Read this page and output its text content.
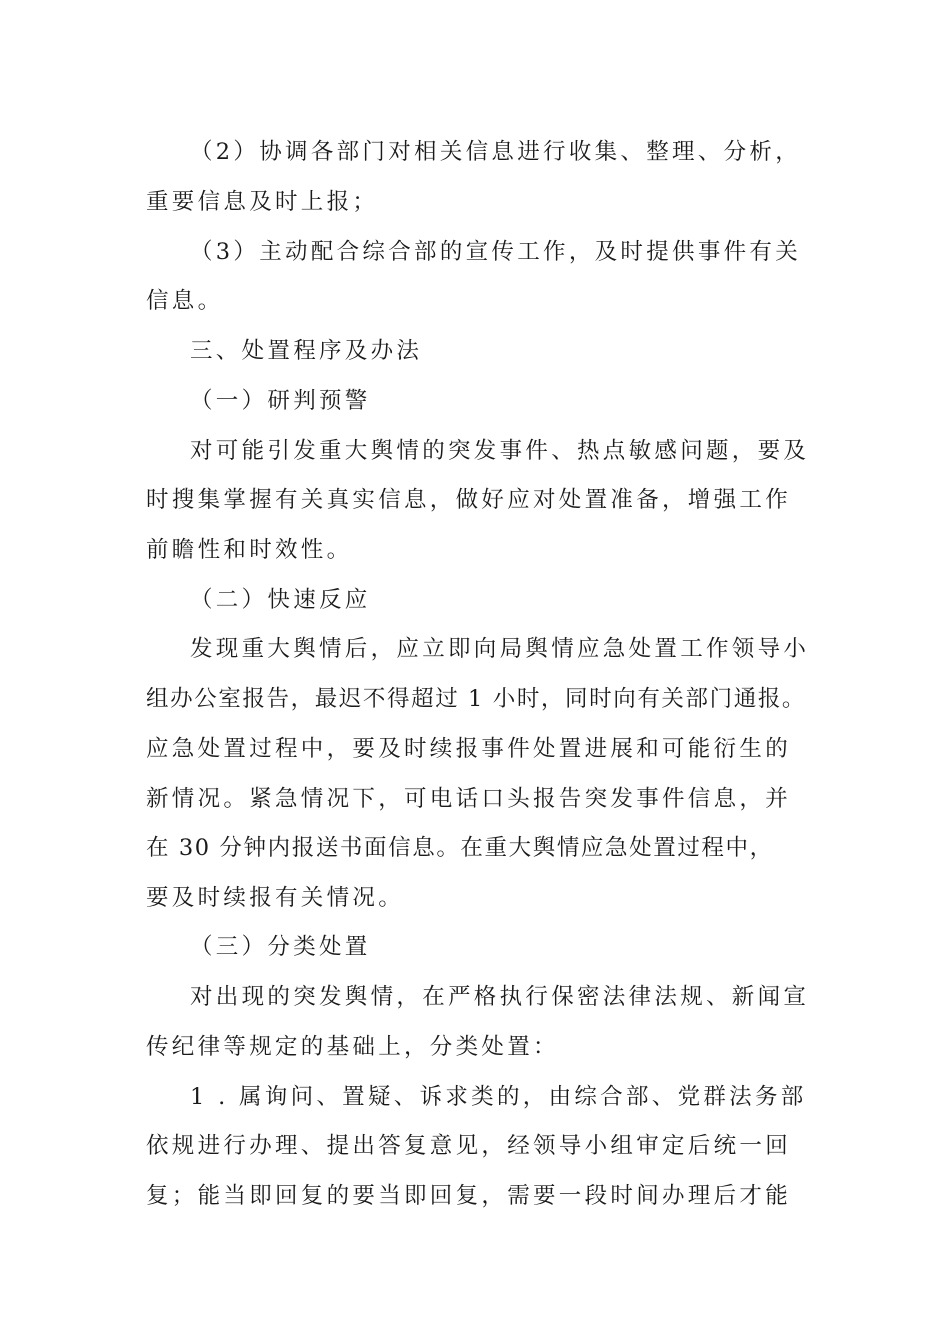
（2）协调各部门对相关信息进行收集、整理、分析，
重要信息及时上报；
（3）主动配合综合部的宣传工作，及时提供事件有关
信息。
三、处置程序及办法
（一）研判预警
对可能引发重大舆情的突发事件、热点敏感问题，要及
时搜集掌握有关真实信息，做好应对处置准备，增强工作
前瞻性和时效性。
（二）快速反应
发现重大舆情后，应立即向局舆情应急处置工作领导小
组办公室报告，最迟不得超过 1 小时，同时向有关部门通报。
应急处置过程中，要及时续报事件处置进展和可能衍生的
新情况。紧急情况下，可电话口头报告突发事件信息，并
在 30 分钟内报送书面信息。在重大舆情应急处置过程中，
要及时续报有关情况。
（三）分类处置
对出现的突发舆情，在严格执行保密法律法规、新闻宣
传纪律等规定的基础上，分类处置：
1 . 属询问、置疑、诉求类的，由综合部、党群法务部
依规进行办理、提出答复意见，经领导小组审定后统一回
复；能当即回复的要当即回复，需要一段时间办理后才能
